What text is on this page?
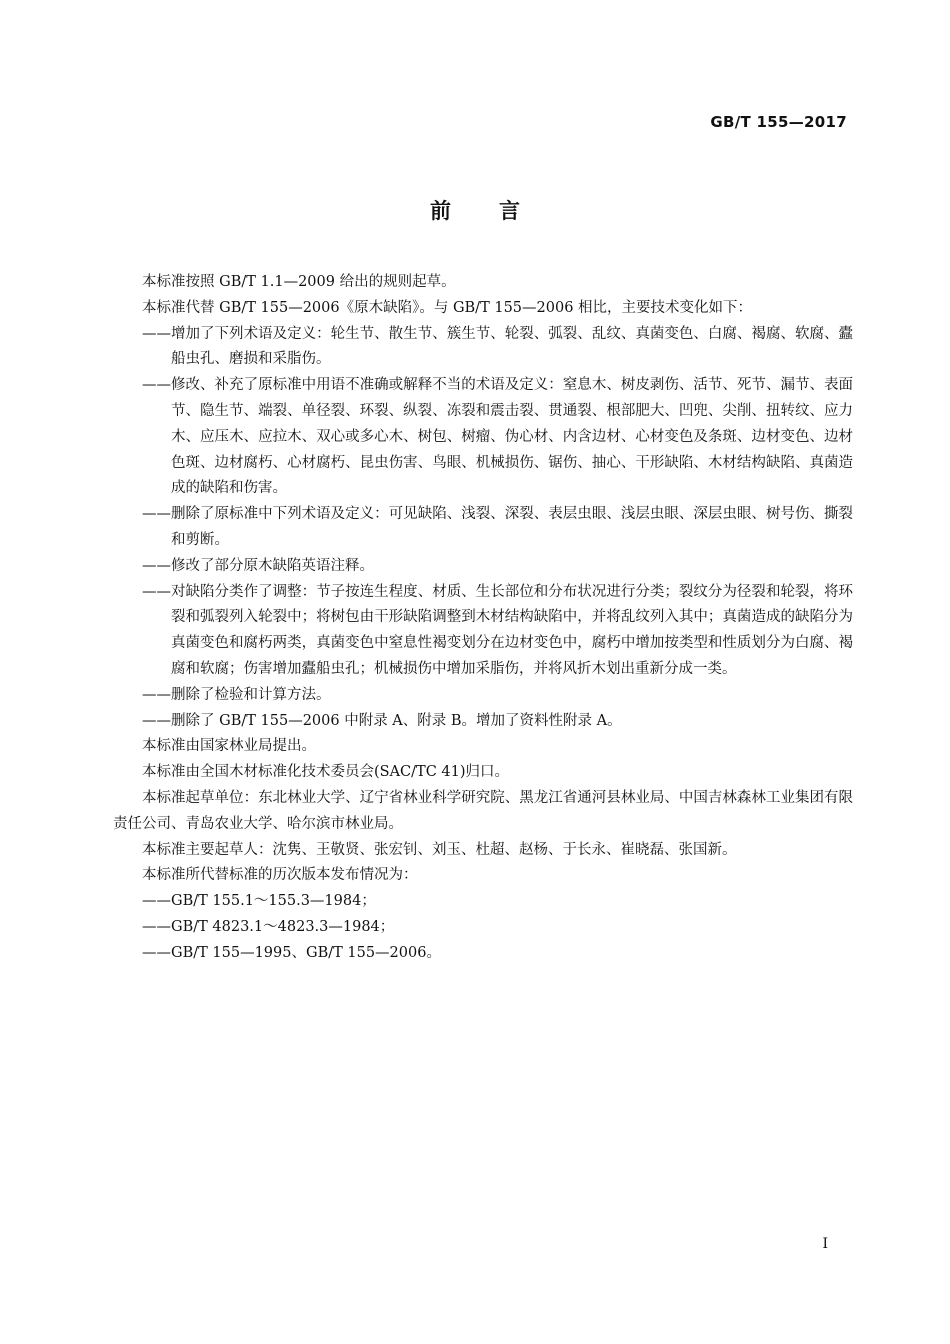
GB/T 155—2017
前言

本标准按照 GB/T 1.1—2009 给出的规则起草。

本标准代替 GB/T 155—2006《原木缺陷》。与 GB/T 155—2006 相比，主要技术变化如下：

——增加了下列术语及定义：轮生节、散生节、簇生节、轮裂、弧裂、乱纹、真菌变色、白腐、褐腐、软腐、蠹船虫孔、磨损和采脂伤。

——修改、补充了原标准中用语不准确或解释不当的术语及定义：窒息木、树皮剥伤、活节、死节、漏节、表面节、隐生节、端裂、单径裂、环裂、纵裂、冻裂和震击裂、贯通裂、根部肥大、凹兜、尖削、扭转纹、应力木、应压木、应拉木、双心或多心木、树包、树瘤、伪心材、内含边材、心材变色及条斑、边材变色、边材色斑、边材腐朽、心材腐朽、昆虫伤害、鸟眼、机械损伤、锯伤、抽心、干形缺陷、木材结构缺陷、真菌造成的缺陷和伤害。

——删除了原标准中下列术语及定义：可见缺陷、浅裂、深裂、表层虫眼、浅层虫眼、深层虫眼、树号伤、撕裂和剪断。

——修改了部分原木缺陷英语注释。

——对缺陷分类作了调整：节子按连生程度、材质、生长部位和分布状况进行分类；裂纹分为径裂和轮裂，将环裂和弧裂列入轮裂中；将树包由干形缺陷调整到木材结构缺陷中，并将乱纹列入其中；真菌造成的缺陷分为真菌变色和腐朽两类，真菌变色中窒息性褐变划分在边材变色中，腐朽中增加按类型和性质划分为白腐、褐腐和软腐；伤害增加蠹船虫孔；机械损伤中增加采脂伤，并将风折木划出重新分成一类。

——删除了检验和计算方法。

——删除了 GB/T 155—2006 中附录 A、附录 B。增加了资料性附录 A。

本标准由国家林业局提出。

本标准由全国木材标准化技术委员会(SAC/TC 41)归口。

本标准起草单位：东北林业大学、辽宁省林业科学研究院、黑龙江省通河县林业局、中国吉林森林工业集团有限责任公司、青岛农业大学、哈尔滨市林业局。

本标准主要起草人：沈隽、王敬贤、张宏钊、刘玉、杜超、赵杨、于长永、崔晓磊、张国新。

本标准所代替标准的历次版本发布情况为：

——GB/T 155.1～155.3—1984；

——GB/T 4823.1～4823.3—1984；

——GB/T 155—1995、GB/T 155—2006。

I
